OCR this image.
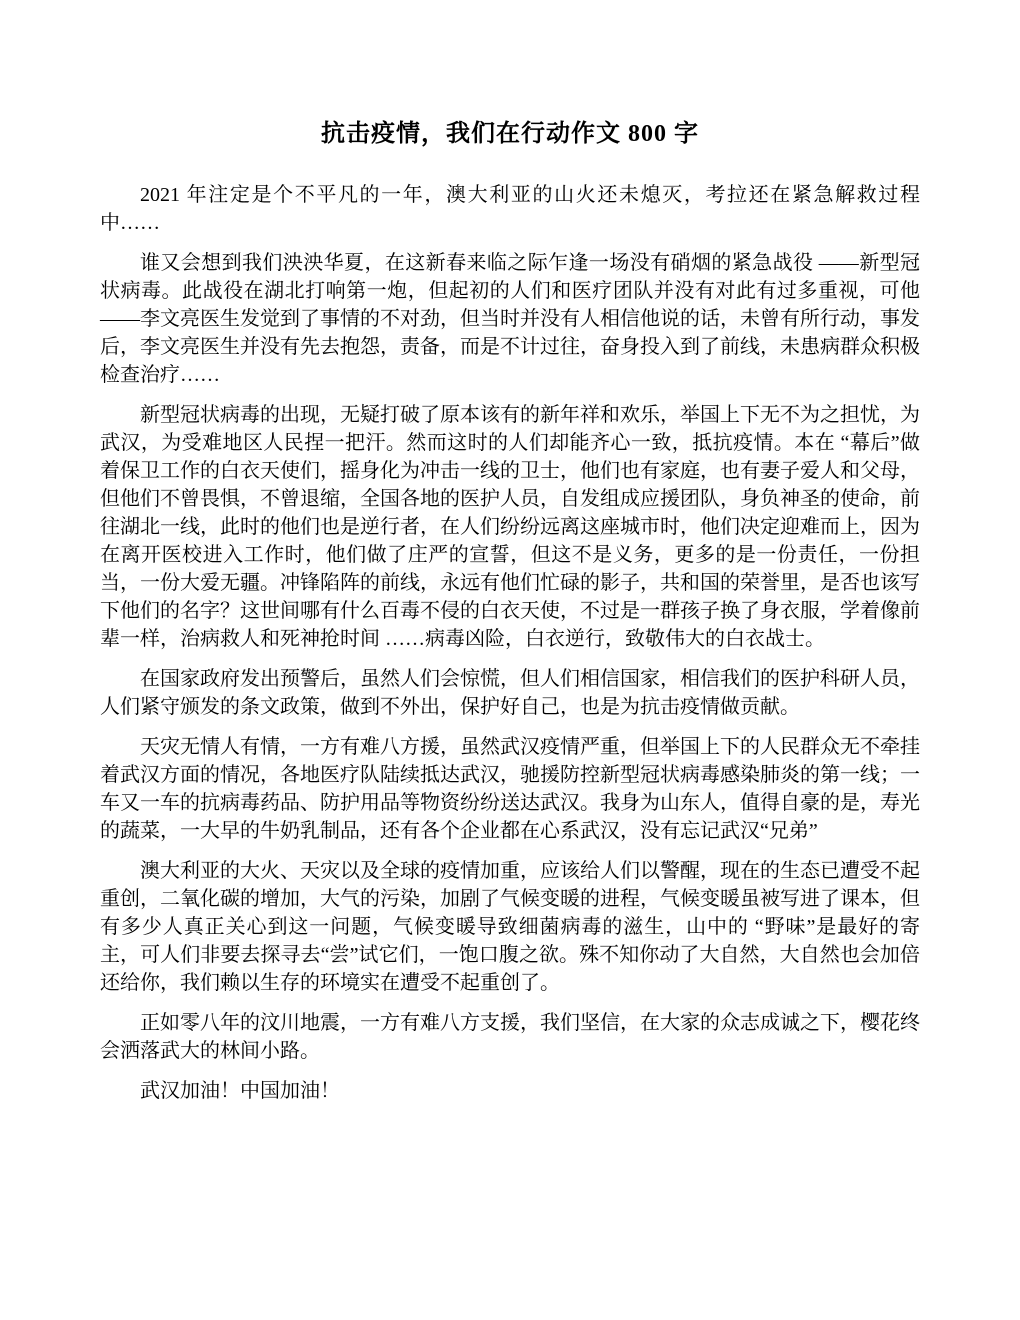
抗击疫情，我们在行动作文 800 字

2021 年注定是个不平凡的一年，澳大利亚的山火还未熄灭，考拉还在紧急解救过程中……

谁又会想到我们泱泱华夏，在这新春来临之际乍逢一场没有硝烟的紧急战役 ——新型冠状病毒。此战役在湖北打响第一炮，但起初的人们和医疗团队并没有对此有过多重视，可他——李文亮医生发觉到了事情的不对劲，但当时并没有人相信他说的话，未曾有所行动，事发后，李文亮医生并没有先去抱怨，责备，而是不计过往，奋身投入到了前线，未患病群众积极检查治疗……

新型冠状病毒的出现，无疑打破了原本该有的新年祥和欢乐，举国上下无不为之担忧，为武汉，为受难地区人民捏一把汗。然而这时的人们却能齐心一致，抵抗疫情。本在 “幕后”做着保卫工作的白衣天使们，摇身化为冲击一线的卫士，他们也有家庭，也有妻子爱人和父母，但他们不曾畏惧，不曾退缩，全国各地的医护人员，自发组成应援团队，身负神圣的使命，前往湖北一线，此时的他们也是逆行者，在人们纷纷远离这座城市时，他们决定迎难而上，因为在离开医校进入工作时，他们做了庄严的宣誓，但这不是义务，更多的是一份责任，一份担当，一份大爱无疆。冲锋陷阵的前线，永远有他们忙碌的影子，共和国的荣誉里，是否也该写下他们的名字？这世间哪有什么百毒不侵的白衣天使，不过是一群孩子换了身衣服，学着像前辈一样，治病救人和死神抢时间 ……病毒凶险，白衣逆行，致敬伟大的白衣战士。

在国家政府发出预警后，虽然人们会惊慌，但人们相信国家，相信我们的医护科研人员，人们紧守颁发的条文政策，做到不外出，保护好自己，也是为抗击疫情做贡献。

天灾无情人有情，一方有难八方援，虽然武汉疫情严重，但举国上下的人民群众无不牵挂着武汉方面的情况，各地医疗队陆续抵达武汉，驰援防控新型冠状病毒感染肺炎的第一线；一车又一车的抗病毒药品、防护用品等物资纷纷送达武汉。我身为山东人，值得自豪的是，寿光的蔬菜，一大早的牛奶乳制品，还有各个企业都在心系武汉，没有忘记武汉“兄弟”

澳大利亚的大火、天灾以及全球的疫情加重，应该给人们以警醒，现在的生态已遭受不起重创，二氧化碳的增加，大气的污染，加剧了气候变暖的进程，气候变暖虽被写进了课本，但有多少人真正关心到这一问题，气候变暖导致细菌病毒的滋生，山中的 “野味”是最好的寄主，可人们非要去探寻去“尝”试它们，一饱口腹之欲。殊不知你动了大自然，大自然也会加倍还给你，我们赖以生存的环境实在遭受不起重创了。

正如零八年的汶川地震，一方有难八方支援，我们坚信，在大家的众志成诚之下，樱花终会洒落武大的林间小路。

武汉加油！中国加油！
